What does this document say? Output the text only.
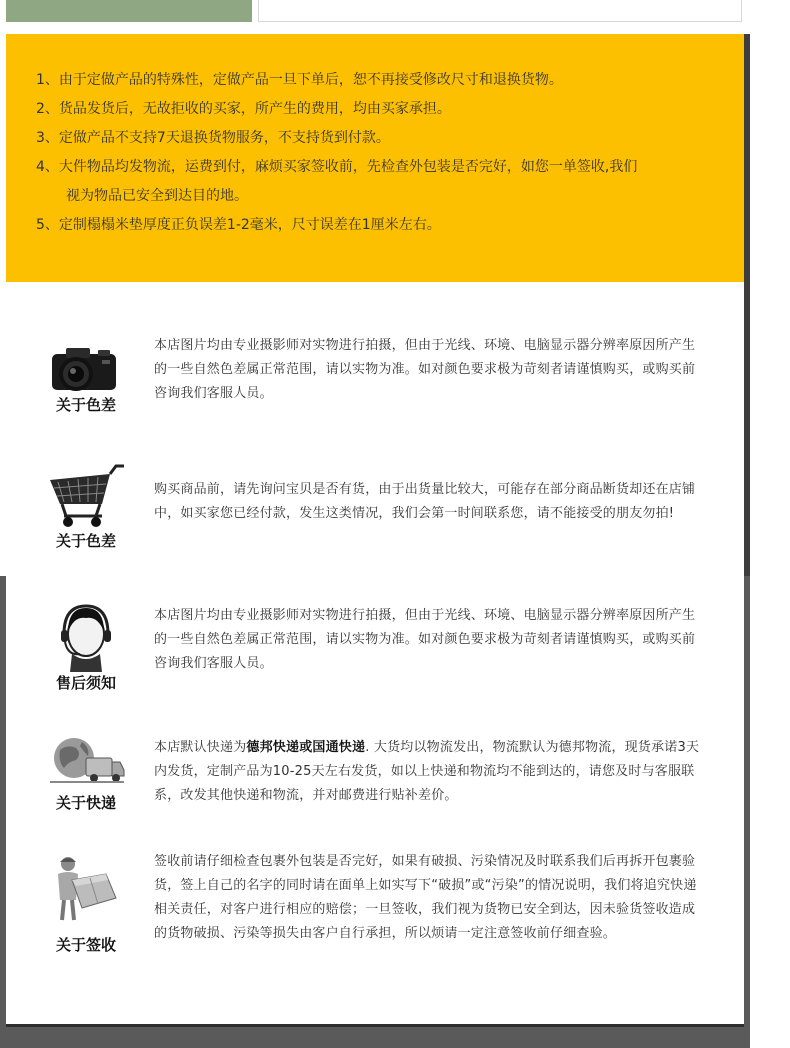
1、由于定做产品的特殊性，定做产品一旦下单后，恕不再接受修改尺寸和退换货物。
2、货品发货后，无故拒收的买家，所产生的费用，均由买家承担。
3、定做产品不支持7天退换货物服务，不支持货到付款。
4、大件物品均发物流，运费到付，麻烦买家签收前，先检查外包装是否完好，如您一单签收,我们
视为物品已安全到达目的地。
5、定制榻榻米垫厚度正负误差1-2毫米，尺寸误差在1厘米左右。
关于色差
本店图片均由专业摄影师对实物进行拍摄，但由于光线、环境、电脑显示器分辨率原因所产生的一些自然色差属正常范围，请以实物为准。如对颜色要求极为苛刻者请谨慎购买，或购买前咨询我们客服人员。
关于色差
购买商品前，请先询问宝贝是否有货，由于出货量比较大，可能存在部分商品断货却还在店铺中，如买家您已经付款，发生这类情况，我们会第一时间联系您，请不能接受的朋友勿拍!
售后须知
本店图片均由专业摄影师对实物进行拍摄，但由于光线、环境、电脑显示器分辨率原因所产生的一些自然色差属正常范围，请以实物为准。如对颜色要求极为苛刻者请谨慎购买，或购买前咨询我们客服人员。
关于快递
本店默认快递为德邦快递或国通快递. 大货均以物流发出，物流默认为德邦物流，现货承诺3天内发货，定制产品为10-25天左右发货，如以上快递和物流均不能到达的，请您及时与客服联系，改发其他快递和物流，并对邮费进行贴补差价。
关于签收
签收前请仔细检查包裹外包装是否完好，如果有破损、污染情况及时联系我们后再拆开包裹验货，签上自己的名字的同时请在面单上如实写下“破损”或“污染”的情况说明，我们将追究快递相关责任，对客户进行相应的赔偿；一旦签收，我们视为货物已安全到达，因未验货签收造成的货物破损、污染等损失由客户自行承担，所以烦请一定注意签收前仔细查验。
